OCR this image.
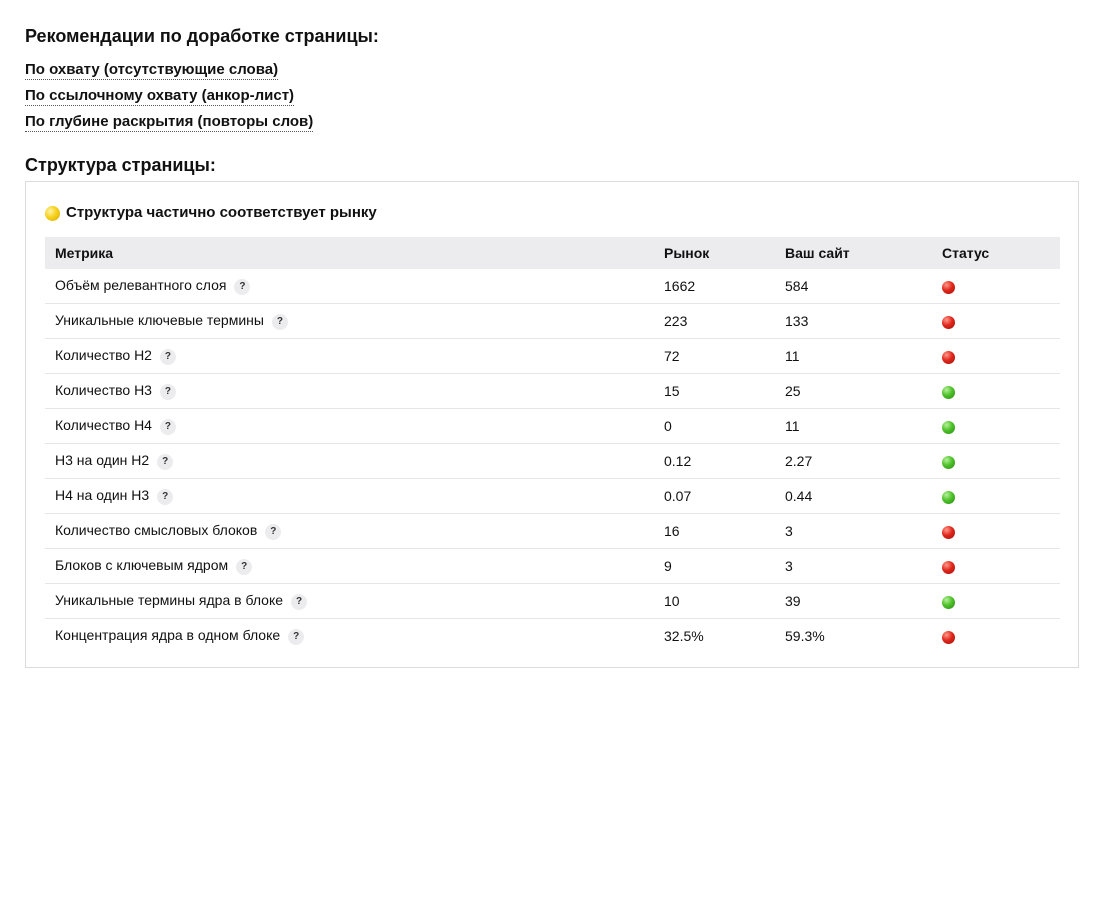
Рекомендации по доработке страницы:
По охвату (отсутствующие слова)
По ссылочному охвату (анкор-лист)
По глубине раскрытия (повторы слов)
Структура страницы:
Структура частично соответствует рынку
Метрика	Рынок	Ваш сайт	Статус
Объём релевантного слоя ?	1662	584	
Уникальные ключевые термины ?	223	133	
Количество H2 ?	72	11	
Количество H3 ?	15	25	
Количество H4 ?	0	11	
H3 на один H2 ?	0.12	2.27	
H4 на один H3 ?	0.07	0.44	
Количество смысловых блоков ?	16	3	
Блоков с ключевым ядром ?	9	3	
Уникальные термины ядра в блоке ?	10	39	
Концентрация ядра в одном блоке ?	32.5%	59.3%	
